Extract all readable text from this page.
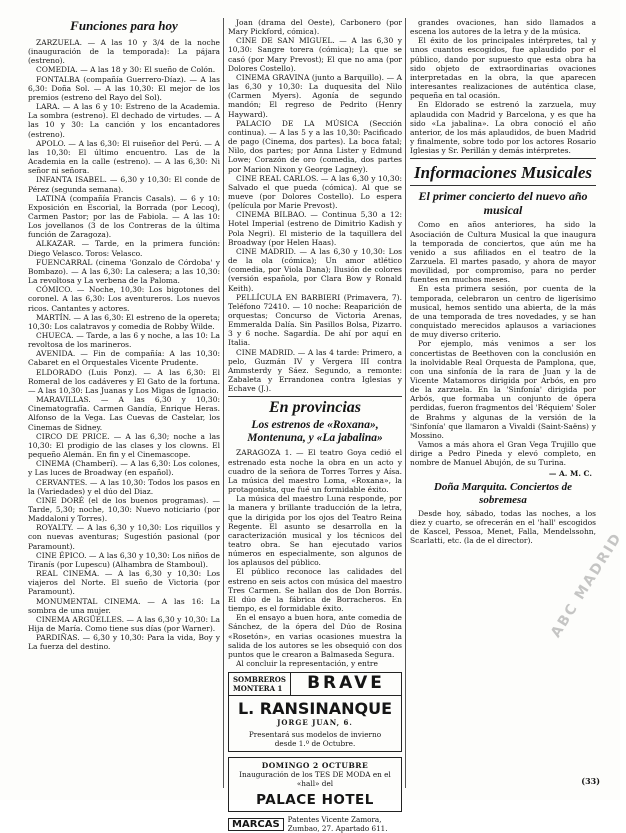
Funciones para hoy

ZARZUELA. — A las 10 y 3/4 de la noche (inauguración de la temporada): La pájara (estreno).

COMEDIA. — A las 18 y 30: El sueño de Colón.

FONTALBA (compañía Guerrero-Díaz). — A las 6,30: Doña Sol. — A las 10,30: El mejor de los premios (estreno del Rayo del Sol).

LARA. — A las 6 y 10: Estreno de la Academia. La sombra (estreno). El dechado de virtudes. — A las 10 y 30: La canción y los encantadores (estreno).

APOLO. — A las 6,30: El ruiseñor del Perú. — A las 10,30: El último encuentro. Las de la Academia en la calle (estreno). — A las 6,30: Ni señor ni señora.

INFANTA ISABEL. — 6,30 y 10,30: El conde de Pérez (segunda semana).

LATINA (compañía Francis Casals). — 6 y 10: Exposición en Escorial, la Borrada (por Lecoq), Carmen Pastor; por las de Fabiola. — A las 10: Los jovellanos (3 de los Contreras de la última función de Zaragoza).

ALKAZAR. — Tarde, en la primera función: Diego Velasco. Toros: Velasco.

FUENCARRAL (cinema 'Gonzalo de Córdoba' y Bombazo). — A las 6,30: La calesera; a las 10,30: La revoltosa y La verbena de la Paloma.

CÓMICO. — Noche, 10,30: Los bigotones del coronel. A las 6,30: Los aventureros. Los nuevos ricos. Cantantes y actores.

MARTÍN. — A las 6,30: El estreno de la opereta; 10,30: Los calatravos y comedia de Robby Wilde.

CHUECA. — Tarde, a las 6 y noche, a las 10: La revoltosa de los marineros.

AVENIDA. — Fin de compañía: A las 10,30: Cabaret en el Orquestales Vicente Prudente.

ELDORADO (Luis Ponz). — A las 6,30: El Romeral de los cadáveres y El Gato de la fortuna. — A las 10,30: Las Juanas y Los Migas de Ignacio.

MARAVILLAS. — A las 6,30 y 10,30: Cinematografía. Carmen Gandía, Enrique Heras. Alfonso de la Vega. Las Cuevas de Castelar, los Cinemas de Sidney.

CIRCO DE PRICE. — A las 6,30; noche a las 10,30: El prodigio de las clases y los clowns. El pequeño Alemán. En fin y el Cinemascope.

CINEMA (Chamberí). — A las 6,30: Los colones, y Las luces de Broadway (en español).

CERVANTES. — A las 10,30: Todos los pasos en la (Variedades) y el dúo del Diaz.

CINE DORÉ (el de los buenos programas). — Tarde, 5,30; noche, 10,30: Nuevo noticiario (por Maddaloni y Torres).

ROYALTY. — A las 6,30 y 10,30: Los riquillos y con nuevas aventuras; Sugestión pasional (por Paramount).

CINE ÉPICO. — A las 6,30 y 10,30: Los niños de Tiranís (por Lupescu) (Alhambra de Stamboul).

REAL CINEMA. — A las 6,30 y 10,30: Los viajeros del Norte. El sueño de Victoria (por Paramount).

MONUMENTAL CINEMA. — A las 16: La sombra de una mujer.

CINEMA ARGÜELLES. — A las 6,30 y 10,30: La Hija de María. Como tiene sus días (por Warner).

PARDIÑAS. — 6,30 y 10,30: Para la vida, Boy y La fuerza del destino.

Joan (drama del Oeste), Carbonero (por Mary Pickford, cómica).

CINE DE SAN MIGUEL. — A las 6,30 y 10,30: Sangre torera (cómica); La que se casó (por Mary Prevost); El que no ama (por Dolores Costello).

CINEMA GRAVINA (junto a Barquillo). — A las 6,30 y 10,30: La duquesita del Nilo (Carmen Myers). Agonía de segundo mandón; El regreso de Pedrito (Henry Hayward).

PALACIO DE LA MÚSICA (Sección continua). — A las 5 y a las 10,30: Pacificado de pago (Cinema, dos partes). La boca fatal; Nilo, dos partes; por Anna Lister y Edmund Lowe; Corazón de oro (comedia, dos partes por Marion Nixon y George Lagney).

CINE REAL CARLOS. — A las 6,30 y 10,30: Salvado el que pueda (cómica). Al que se mueve (por Dolores Costello). Lo espera (película por Marie Prevost).

CINEMA BILBAO. — Continua 5,30 a 12: Hotel Imperial (estreno de Dimitrio Kadish y Pola Negri). El misterio de la taquillera del Broadway (por Helen Haas).

CINE MADRID. — A las 6,30 y 10,30: Los de la ola (cómica); Un amor atlético (comedia, por Viola Dana); Ilusión de colores (versión española, por Clara Bow y Ronald Keith).

PELLÍCULA EN BARBIERI (Primavera, 7). Teléfono 72410. — 10 noche: Reaparición de orquestas; Concurso de Victoria Arenas, Emmeralda Dalía. Sin Pasillos Bolsa, Pizarro. 3 y 6 noche. Sagardía. De ahí por aquí en Italia.

CINE MADRID. — A las 4 tarde: Primero, a pelo, Guzmán IV y Vergera III contra Ammsterdy y Sáez. Segundo, a remonte: Zabaleta y Errandonea contra Iglesias y Echave (J.).

En provincias
Los estrenos de «Roxana», Montenuna, y «La jabalina»

ZARAGOZA 1. — El teatro Goya cedió el estrenado esta noche la obra en un acto y cuadro de la señora de Torres Torres y Aísa. La música del maestro Loma, «Roxana», la protagonista, que fué un formidable éxito.

La música del maestro Luna responde, por la manera y brillante traducción de la letra, que la dirigida por los ojos del Teatro Reina Regente. El asunto se desarrolla en la caracterización musical y los técnicos del teatro obra. Se han ejecutado varios números en especialmente, son algunos de los aplausos del público.

El público reconoce las calidades del estreno en seis actos con música del maestro Tres Carmen. Se hallan dos de Don Borrás. El dúo de la fábrica de Borracheros. En tiempo, es el formidable éxito.

En el ensayo a buen hora, ante comedia de Sánchez, de la ópera del Dúo de Rosina «Rosetón», en varias ocasiones muestra la salida de los autores se les obsequió con dos puntos que le crearon a Balmaseda Segura.

Al concluir la representación, y entre

SOMBREROS
MONTERA 1	BRAVE
L. RANSINANQUE
JORGE JUAN, 6.
Presentará sus modelos de invierno desde 1.º de Octubre.
DOMINGO 2 OCTUBRE
Inauguración de los TES DE MODA en el «hall» del
PALACE HOTEL
MARCAS	Patentes Vicente Zamora, Zumbao, 27. Apartado 611.

grandes ovaciones, han sido llamados a escena los autores de la letra y de la música.

El éxito de los principales intérpretes, tal y unos cuantos escogidos, fue aplaudido por el público, dando por supuesto que esta obra ha sido objeto de extraordinarias ovaciones interpretadas en la obra, la que aparecen interesantes realizaciones de auténtica clase, pequeña en tal ocasión.

En Eldorado se estrenó la zarzuela, muy aplaudida con Madrid y Barcelona, y es que ha sido «La jabalina». La obra conoció el año anterior, de los más aplaudidos, de buen Madrid y finalmente, sobre todo por los actores Rosario Iglesias y Sr. Perillán y demás intérpretes.

Informaciones Musicales
El primer concierto del nuevo año musical

Como en años anteriores, ha sido la Asociación de Cultura Musical la que inaugura la temporada de conciertos, que aún me ha venido a sus afiliados en el teatro de la Zarzuela. El martes pasado, y ahora de mayor movilidad, por compromiso, para no perder fuentes en muchos meses.

En esta primera sesión, por cuenta de la temporada, celebraron un centro de ligerísimo musical, hemos sentido una abierta, de la más de una temporada de tres novedades, y se han conquistado merecidos aplausos a variaciones de muy diverso criterio.

Por ejemplo, más venimos a ser los concertistas de Beethoven con la conclusión en la inolvidable Real Orquesta de Pamplona, que, con una sinfonía de la rara de Juan y la de Vicente Matamoros dirigida por Arbós, en pro de la zarzuela. En la 'Sinfonía' dirigida por Arbós, que formaba un conjunto de ópera perdidas, fueron fragmentos del 'Réquiem' Soler de Brahms y algunas de la versión de la 'Sinfonía' que llamaron a Vivaldi (Saint-Saëns) y Mossino.

Vamos a más ahora el Gran Vega Trujillo que dirige a Pedro Pineda y elevó completo, en nombre de Manuel Abujón, de su Turina.

— A. M. C.
Doña Marquita. Conciertos de sobremesa

Desde hoy, sábado, todas las noches, a los diez y cuarto, se ofrecerán en el 'hall' escogidos de Kascel, Pessoa, Menet, Falla, Mendelssohn, Scarlatti, etc. (la de el director).	ABC MADRID
(33)
